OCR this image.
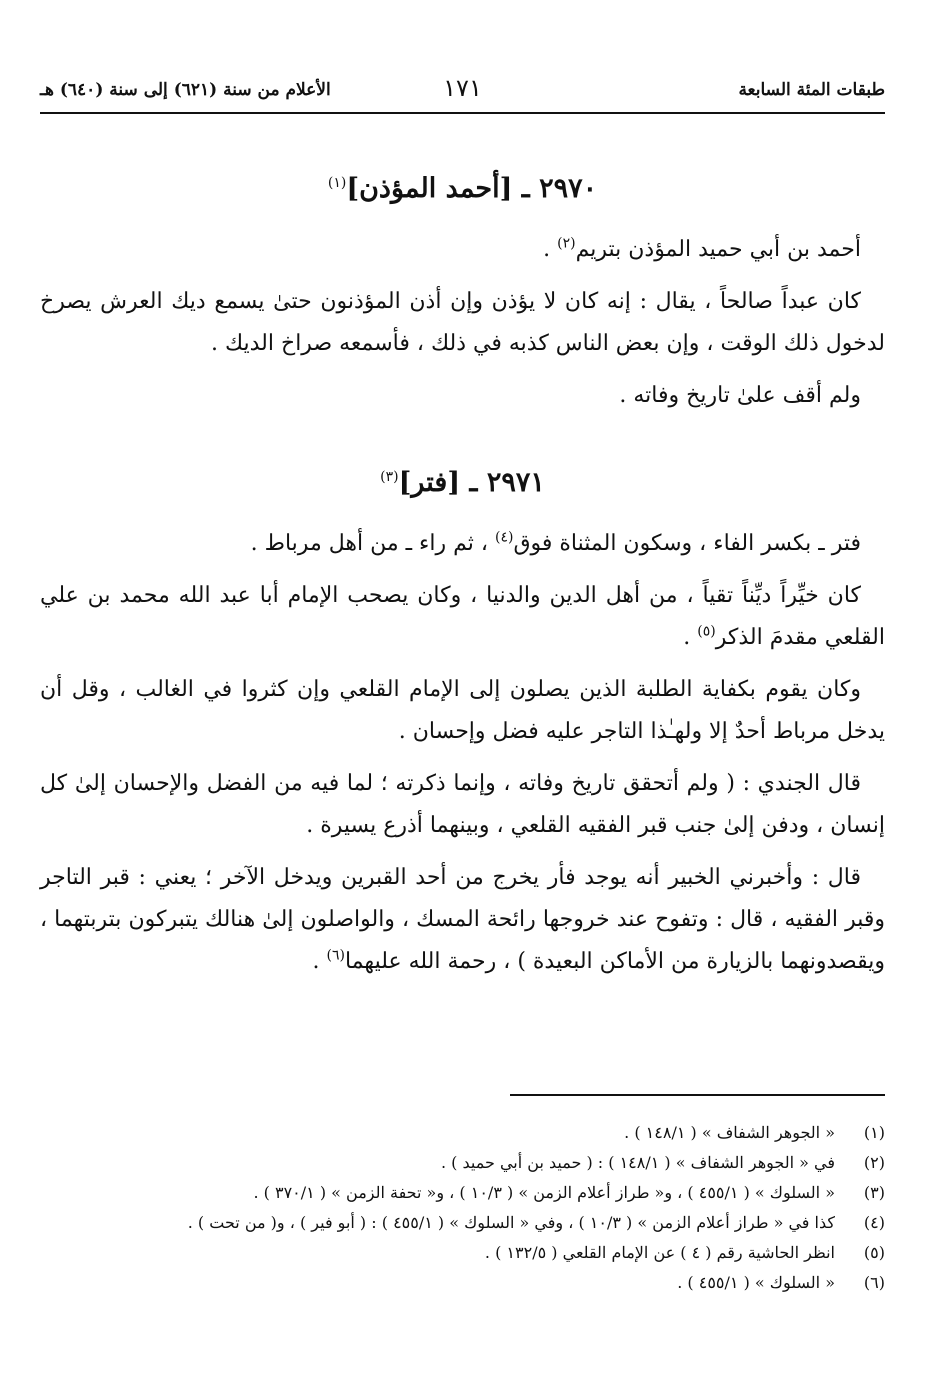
طبقات المئة السابعة
١٧١
الأعلام من سنة (٦٢١) إلى سنة (٦٤٠) هـ
٢٩٧٠ ـ [أحمد المؤذن]$^{(١)}$

أحمد بن أبي حميد المؤذن بتريم$^{(٢)}$ .

كان عبداً صالحاً ، يقال : إنه كان لا يؤذن وإن أذن المؤذنون حتىٰ يسمع ديك العرش يصرخ لدخول ذلك الوقت ، وإن بعض الناس كذبه في ذلك ، فأسمعه صراخ الديك .

ولم أقف علىٰ تاريخ وفاته .

٢٩٧١ ـ [فتر]$^{(٣)}$

فتر ـ بكسر الفاء ، وسكون المثناة فوق$^{(٤)}$ ، ثم راء ـ من أهل مرباط .

كان خيِّراً ديِّناً تقياً ، من أهل الدين والدنيا ، وكان يصحب الإمام أبا عبد الله محمد بن علي القلعي مقدمَ الذكر$^{(٥)}$ .

وكان يقوم بكفاية الطلبة الذين يصلون إلى الإمام القلعي وإن كثروا في الغالب ، وقل أن يدخل مرباط أحدٌ إلا ولهـٰذا التاجر عليه فضل وإحسان .

قال الجندي : ( ولم أتحقق تاريخ وفاته ، وإنما ذكرته ؛ لما فيه من الفضل والإحسان إلىٰ كل إنسان ، ودفن إلىٰ جنب قبر الفقيه القلعي ، وبينهما أذرع يسيرة .

قال : وأخبرني الخبير أنه يوجد فأر يخرج من أحد القبرين ويدخل الآخر ؛ يعني : قبر التاجر وقبر الفقيه ، قال : وتفوح عند خروجها رائحة المسك ، والواصلون إلىٰ هنالك يتبركون بتربتهما ، ويقصدونهما بالزيارة من الأماكن البعيدة ) ، رحمة الله عليهما$^{(٦)}$ .

(١)
« الجوهر الشفاف » ( ١٤٨/١ ) .
(٢)
في « الجوهر الشفاف » ( ١٤٨/١ ) : ( حميد بن أبي حميد ) .
(٣)
« السلوك » ( ٤٥٥/١ ) ، و« طراز أعلام الزمن » ( ١٠/٣ ) ، و« تحفة الزمن » ( ٣٧٠/١ ) .
(٤)
كذا في « طراز أعلام الزمن » ( ١٠/٣ ) ، وفي « السلوك » ( ٤٥٥/١ ) : ( أبو فير ) ، و( من تحت ) .
(٥)
انظر الحاشية رقم ( ٤ ) عن الإمام القلعي ( ١٣٢/٥ ) .
(٦)
« السلوك » ( ٤٥٥/١ ) .
